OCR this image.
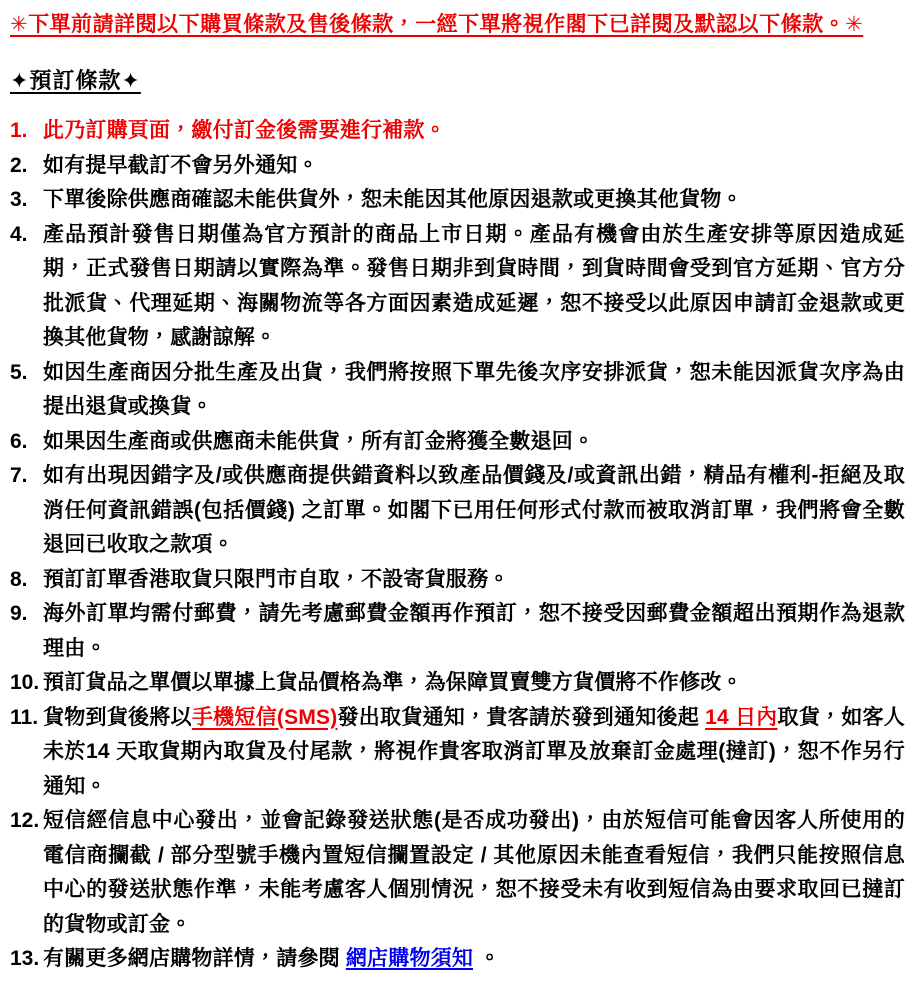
✳下單前請詳閱以下購買條款及售後條款，一經下單將視作閣下已詳閱及默認以下條款。✳
✦預訂條款✦
1. 此乃訂購頁面，繳付訂金後需要進行補款。
2. 如有提早截訂不會另外通知。
3. 下單後除供應商確認未能供貨外，恕未能因其他原因退款或更換其他貨物。
4. 產品預計發售日期僅為官方預計的商品上市日期。產品有機會由於生產安排等原因造成延期，正式發售日期請以實際為準。發售日期非到貨時間，到貨時間會受到官方延期、官方分批派貨、代理延期、海關物流等各方面因素造成延遲，恕不接受以此原因申請訂金退款或更換其他貨物，感謝諒解。
5. 如因生產商因分批生產及出貨，我們將按照下單先後次序安排派貨，恕未能因派貨次序為由提出退貨或換貨。
6. 如果因生產商或供應商未能供貨，所有訂金將獲全數退回。
7. 如有出現因錯字及/或供應商提供錯資料以致產品價錢及/或資訊出錯，精品有權利-拒絕及取消任何資訊錯誤(包括價錢) 之訂單。如閣下已用任何形式付款而被取消訂單，我們將會全數退回已收取之款項。
8. 預訂訂單香港取貨只限門市自取，不設寄貨服務。
9. 海外訂單均需付郵費，請先考慮郵費金額再作預訂，恕不接受因郵費金額超出預期作為退款理由。
10. 預訂貨品之單價以單據上貨品價格為準，為保障買賣雙方貨價將不作修改。
11. 貨物到貨後將以手機短信(SMS)發出取貨通知，貴客請於發到通知後起 14 日內取貨，如客人未於14 天取貨期內取貨及付尾款，將視作貴客取消訂單及放棄訂金處理(撻訂)，恕不作另行通知。
12. 短信經信息中心發出，並會記錄發送狀態(是否成功發出)，由於短信可能會因客人所使用的電信商攔截 / 部分型號手機內置短信攔置設定 / 其他原因未能查看短信，我們只能按照信息中心的發送狀態作準，未能考慮客人個別情況，恕不接受未有收到短信為由要求取回已撻訂的貨物或訂金。
13. 有關更多網店購物詳情，請參閱 網店購物須知 。
